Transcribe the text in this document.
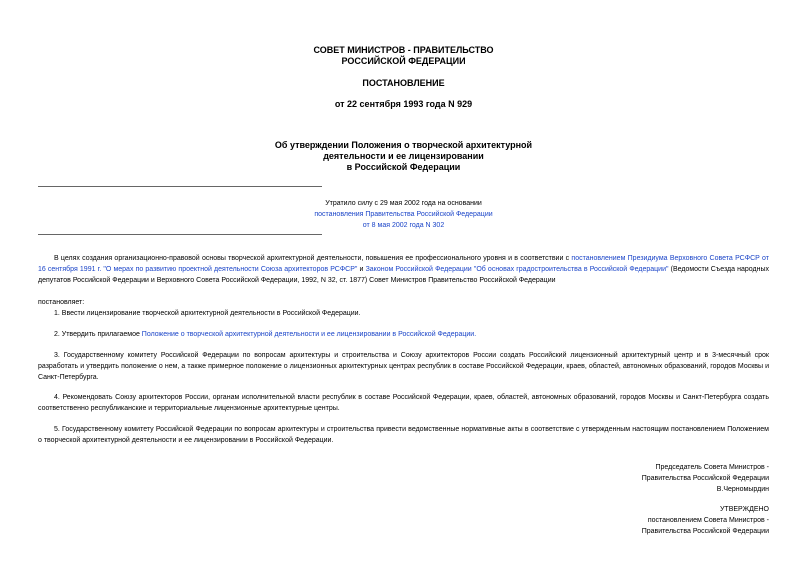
СОВЕТ МИНИСТРОВ - ПРАВИТЕЛЬСТВО
РОССИЙСКОЙ ФЕДЕРАЦИИ
ПОСТАНОВЛЕНИЕ
от 22 сентября 1993 года N 929
Об утверждении Положения о творческой архитектурной
деятельности и ее лицензировании
в Российской Федерации
Утратило силу с 29 мая 2002 года на основании
постановления Правительства Российской Федерации
от 8 мая 2002 года N 302
В целях создания организационно-правовой основы творческой архитектурной деятельности, повышения ее профессионального уровня и в соответствии с постановлением Президиума Верховного Совета РСФСР от 16 сентября 1991 г. "О мерах по развитию проектной деятельности Союза архитекторов РСФСР" и Законом Российской Федерации "Об основах градостроительства в Российской Федерации" (Ведомости Съезда народных депутатов Российской Федерации и Верховного Совета Российской Федерации, 1992, N 32, ст. 1877) Совет Министров Правительство Российской Федерации
постановляет:
1. Ввести лицензирование творческой архитектурной деятельности в Российской Федерации.
2. Утвердить прилагаемое Положение о творческой архитектурной деятельности и ее лицензировании в Российской Федерации.
3. Государственному комитету Российской Федерации по вопросам архитектуры и строительства и Союзу архитекторов России создать Российский лицензионный архитектурный центр и в 3-месячный срок разработать и утвердить положение о нем, а также примерное положение о лицензионных архитектурных центрах республик в составе Российской Федерации, краев, областей, автономных образований, городов Москвы и Санкт-Петербурга.
4. Рекомендовать Союзу архитекторов России, органам исполнительной власти республик в составе Российской Федерации, краев, областей, автономных образований, городов Москвы и Санкт-Петербурга создать соответственно республиканские и территориальные лицензионные архитектурные центры.
5. Государственному комитету Российской Федерации по вопросам архитектуры и строительства привести ведомственные нормативные акты в соответствие с утвержденным настоящим постановлением Положением о творческой архитектурной деятельности и ее лицензировании в Российской Федерации.
Председатель Совета Министров -
Правительства Российской Федерации
В.Черномырдин
УТВЕРЖДЕНО
постановлением Совета Министров -
Правительства Российской Федерации
